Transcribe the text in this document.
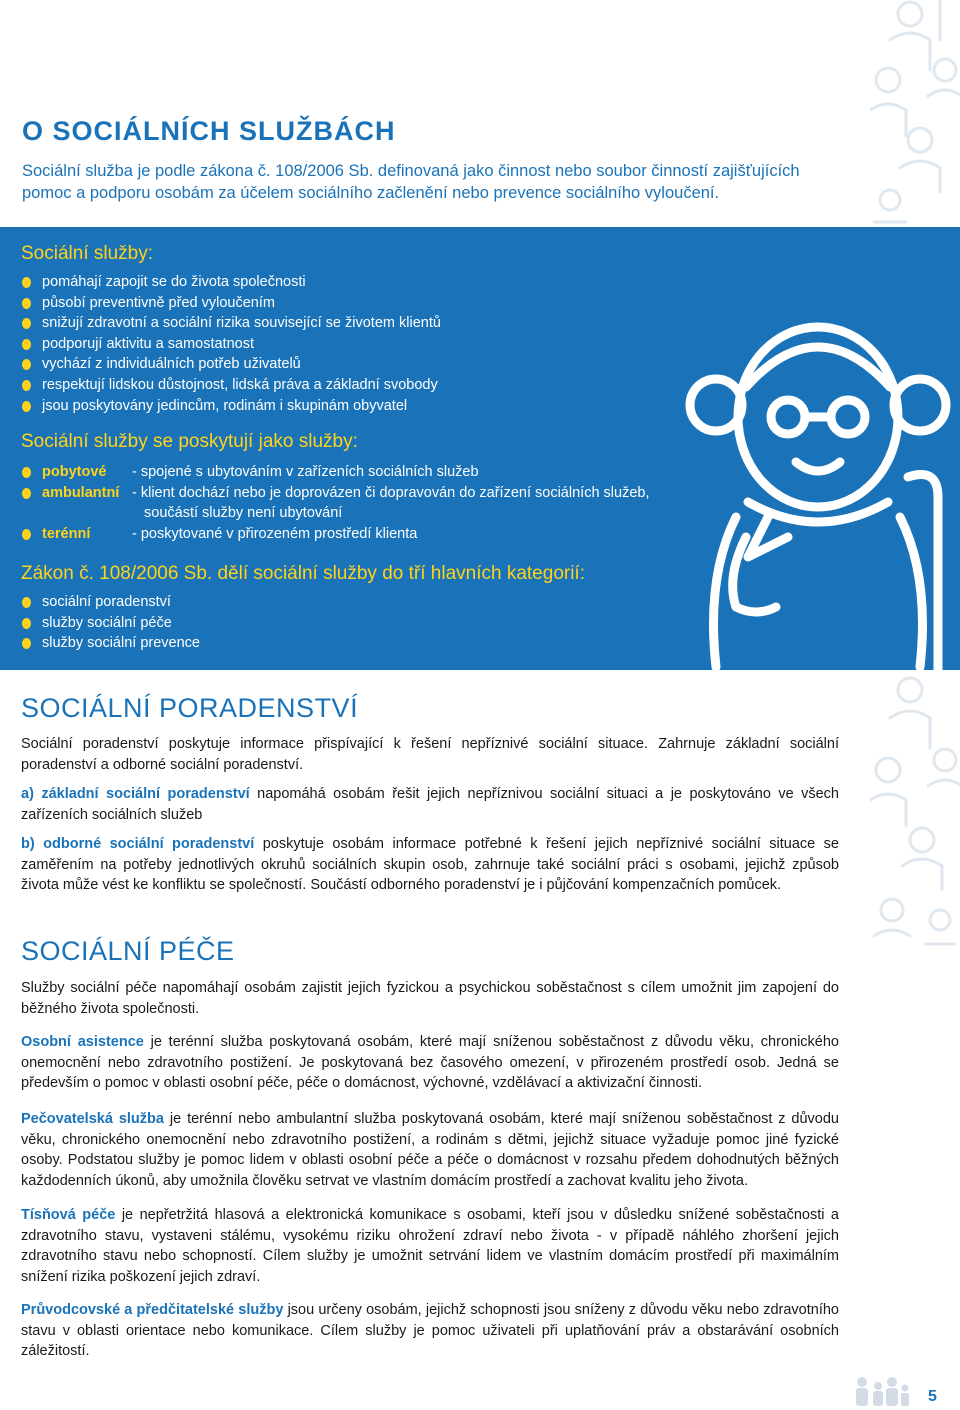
O SOCIÁLNÍCH SLUŽBÁCH

Sociální služba je podle zákona č. 108/2006 Sb. definovaná jako činnost nebo soubor činností zajišťujících pomoc a podporu osobám za účelem sociálního začlenění nebo prevence sociálního vyloučení.

Sociální služby:
pomáhají zapojit se do života společnosti
působí preventivně před vyloučením
snižují zdravotní a sociální rizika související se životem klientů
podporují aktivitu a samostatnost
vychází z individuálních potřeb uživatelů
respektují lidskou důstojnost, lidská práva a základní svobody
jsou poskytovány jedincům, rodinám i skupinám obyvatel
Sociální služby se poskytují jako služby:
pobytové - spojené s ubytováním v zařízeních sociálních služeb
ambulantní - klient dochází nebo je doprovázen či dopravován do zařízení sociálních služeb,
součástí služby není ubytování
terénní	- poskytované v přirozeném prostředí klienta
Zákon č. 108/2006 Sb. dělí sociální služby do tří hlavních kategorií:
sociální poradenství
služby sociální péče
služby sociální prevence
SOCIÁLNÍ PORADENSTVÍ

Sociální poradenství poskytuje informace přispívající k řešení nepříznivé sociální situace. Zahrnuje základní sociální poradenství a odborné sociální poradenství.

a) základní sociální poradenství napomáhá osobám řešit jejich nepříznivou sociální situaci a je poskytováno ve všech zařízeních sociálních služeb

b) odborné sociální poradenství poskytuje osobám informace potřebné k řešení jejich nepříznivé sociální situace se zaměřením na potřeby jednotlivých okruhů sociálních skupin osob, zahrnuje také sociální práci s osobami, jejichž způsob života může vést ke konfliktu se společností. Součástí odborného poradenství je i půjčování kompenzačních pomůcek.

SOCIÁLNÍ PÉČE

Služby sociální péče napomáhají osobám zajistit jejich fyzickou a psychickou soběstačnost s cílem umožnit jim zapojení do běžného života společnosti.

Osobní asistence je terénní služba poskytovaná osobám, které mají sníženou soběstačnost z důvodu věku, chronického onemocnění nebo zdravotního postižení. Je poskytovaná bez časového omezení, v přirozeném prostředí osob. Jedná se především o pomoc v oblasti osobní péče, péče o domácnost, výchovné, vzdělávací a aktivizační činnosti.

Pečovatelská služba je terénní nebo ambulantní služba poskytovaná osobám, které mají sníženou soběstačnost z důvodu věku, chronického onemocnění nebo zdravotního postižení, a rodinám s dětmi, jejichž situace vyžaduje pomoc jiné fyzické osoby. Podstatou služby je pomoc lidem v oblasti osobní péče a péče o domácnost v rozsahu předem dohodnutých běžných každodenních úkonů, aby umožnila člověku setrvat ve vlastním domácím prostředí a zachovat kvalitu jeho života.

Tísňová péče je nepřetržitá hlasová a elektronická komunikace s osobami, kteří jsou v důsledku snížené soběstačnosti a zdravotního stavu, vystaveni stálému, vysokému riziku ohrožení zdraví nebo života - v případě náhlého zhoršení jejich zdravotního stavu nebo schopností. Cílem služby je umožnit setrvání lidem ve vlastním domácím prostředí při maximálním snížení rizika poškození jejich zdraví.

Průvodcovské a předčitatelské služby jsou určeny osobám, jejichž schopnosti jsou sníženy z důvodu věku nebo zdravotního stavu v oblasti orientace nebo komunikace. Cílem služby je pomoc uživateli při uplatňování práv a obstarávání osobních záležitostí.

5
